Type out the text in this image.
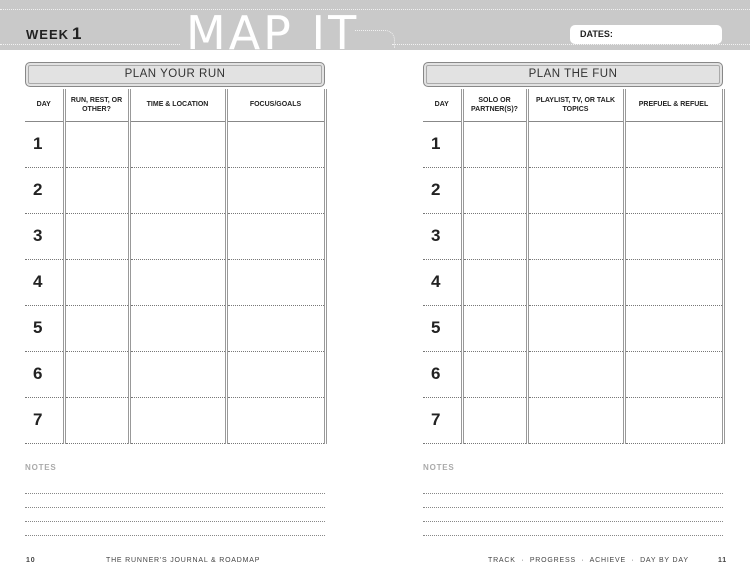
WEEK 1 MAP IT	DATES:
PLAN YOUR RUN
DAY	RUN, REST, OR OTHER?	TIME & LOCATION	FOCUS/GOALS
1			
2			
3			
4			
5			
6			
7			
PLAN THE FUN
DAY	SOLO OR PARTNER(S)?	PLAYLIST, TV, OR TALK TOPICS	PREFUEL & REFUEL
1			
2			
3			
4			
5			
6			
7			
NOTES	NOTES
10	THE RUNNER'S JOURNAL & ROADMAP	TRACK  ·  PROGRESS  ·  ACHIEVE  ·  DAY BY DAY	11
